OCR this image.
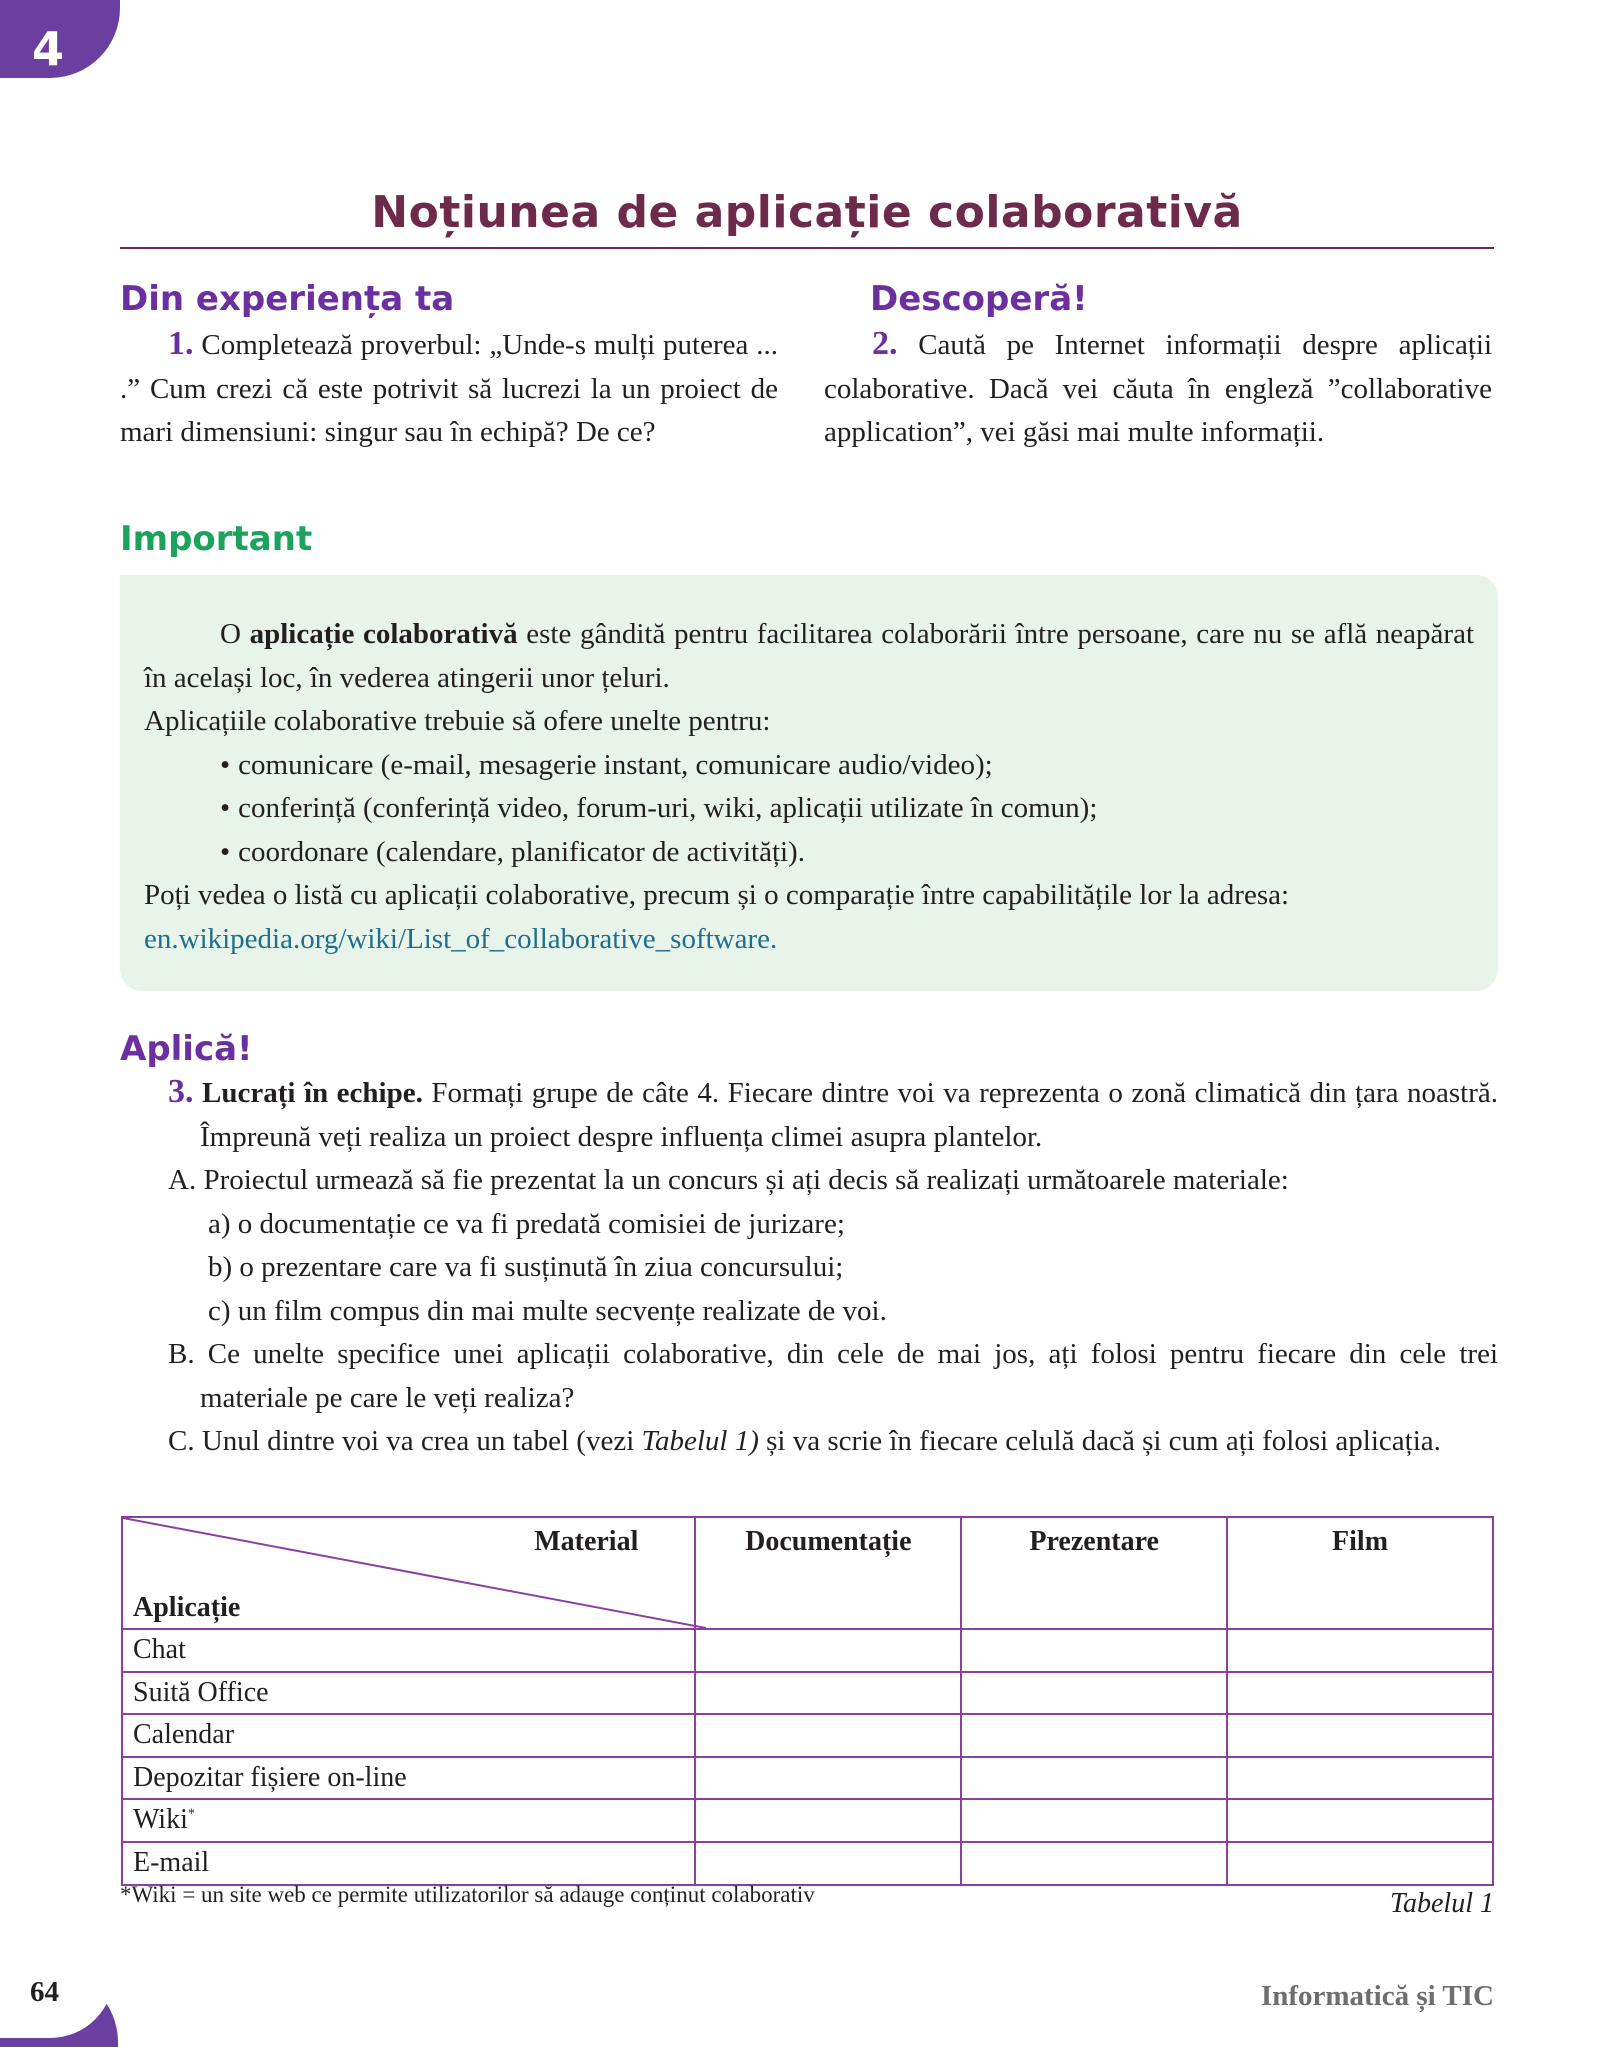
4
Noțiunea de aplicație colaborativă
Din experiența ta

1. Completează proverbul: „Unde-s mulți puterea ... .” Cum crezi că este potrivit să lucrezi la un proiect de mari dimensiuni: singur sau în echipă? De ce?

Descoperă!

2. Caută pe Internet informații despre aplicații colaborative. Dacă vei căuta în engleză ”collaborative application”, vei găsi mai multe informații.

Important

O aplicație colaborativă este gândită pentru facilitarea colaborării între persoane, care nu se află neapărat în același loc, în vederea atingerii unor țeluri.

Aplicațiile colaborative trebuie să ofere unelte pentru:

• comunicare (e-mail, mesagerie instant, comunicare audio/video);
• conferință (conferință video, forum-uri, wiki, aplicații utilizate în comun);
• coordonare (calendare, planificator de activități).

Poți vedea o listă cu aplicații colaborative, precum și o comparație între capabilitățile lor la adresa:

en.wikipedia.org/wiki/List_of_collaborative_software.

Aplică!

3. Lucrați în echipe. Formați grupe de câte 4. Fiecare dintre voi va reprezenta o zonă climatică din țara noastră. Împreună veți realiza un proiect despre influența climei asupra plantelor.

A. Proiectul urmează să fie prezentat la un concurs și ați decis să realizați următoarele materiale:

a) o documentație ce va fi predată comisiei de jurizare;

b) o prezentare care va fi susținută în ziua concursului;

c) un film compus din mai multe secvențe realizate de voi.

B. Ce unelte specifice unei aplicații colaborative, din cele de mai jos, ați folosi pentru fiecare din cele trei materiale pe care le veți realiza?

C. Unul dintre voi va crea un tabel (vezi Tabelul 1) și va scrie în fiecare celulă dacă și cum ați folosi aplicația.

Material
Aplicație	Documentație	Prezentare	Film
Chat			
Suită Office			
Calendar			
Depozitar fișiere on-line			
Wiki*			
E-mail			
*Wiki = un site web ce permite utilizatorilor să adauge conținut colaborativ	Tabelul 1
64	Informatică și TIC
